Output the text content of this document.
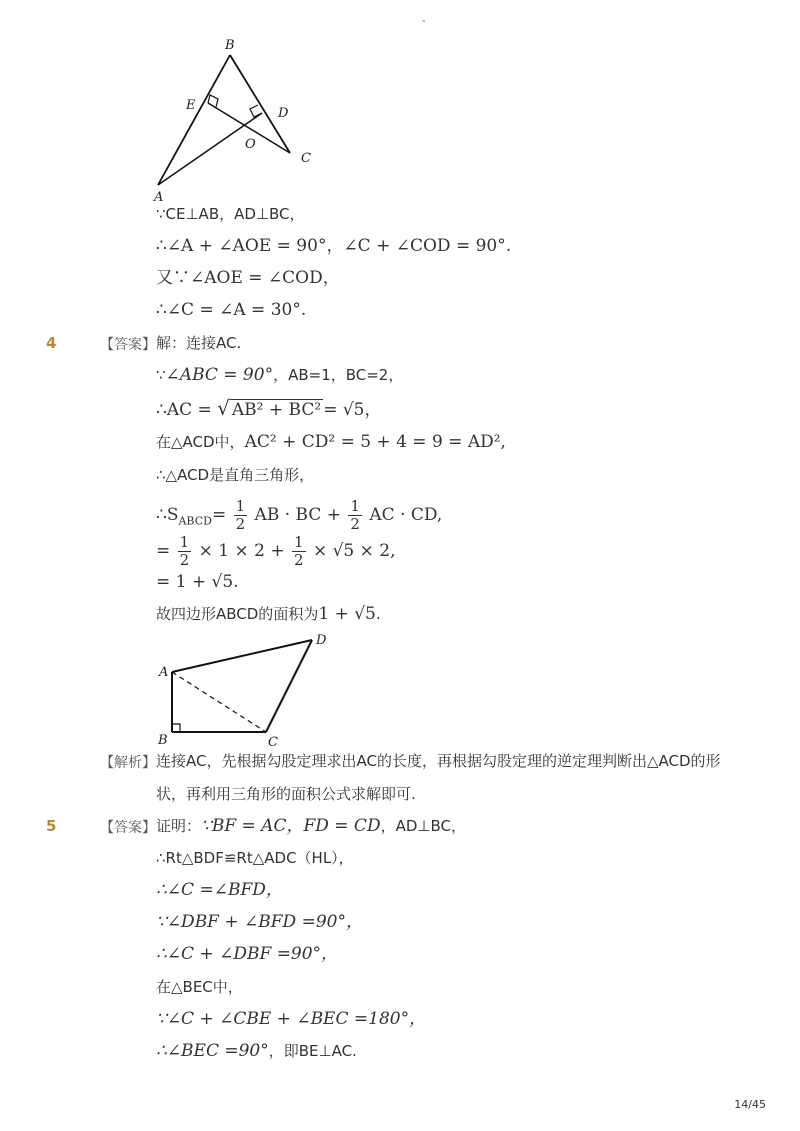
-
B
E
D
O
C
A
∵CE⊥AB，AD⊥BC，
∴∠A + ∠AOE = 90°，∠C + ∠COD = 90°.
又∵∠AOE = ∠COD，
∴∠C = ∠A = 30°.
4	【答案】 解：连接AC.
∵∠ABC = 90°，AB=1，BC=2，
∴AC = √ AB² + BC² = √5，
在△ACD中，AC² + CD² = 5 + 4 = 9 = AD²,
∴△ACD是直角三角形，
$\therefore S_{ABCD}= \frac{1}{2}$ AB · BC + $\frac{1}{2}$ AC · CD,
= $\frac{1}{2} \times 1 \times 2 + \frac{1}{2} \times √5 \times 2$,
= 1 + √5.
故四边形ABCD的面积为1 + √5.
A
B	C
D
【解析】 连接AC，先根据勾股定理求出AC的长度，再根据勾股定理的逆定理判断出△ACD的形
状，再利用三角形的面积公式求解即可.
5	【答案】 证明：∵BF = AC，FD = CD，AD⊥BC，
∴Rt△BDF≌Rt△ADC（HL），
∴∠C =∠BFD，
∵∠DBF + ∠BFD =90°，
∴∠C + ∠DBF =90°，
在△BEC中，
∵∠C + ∠CBE + ∠BEC =180°，
∴∠BEC =90°，即BE⊥AC.
14/45
